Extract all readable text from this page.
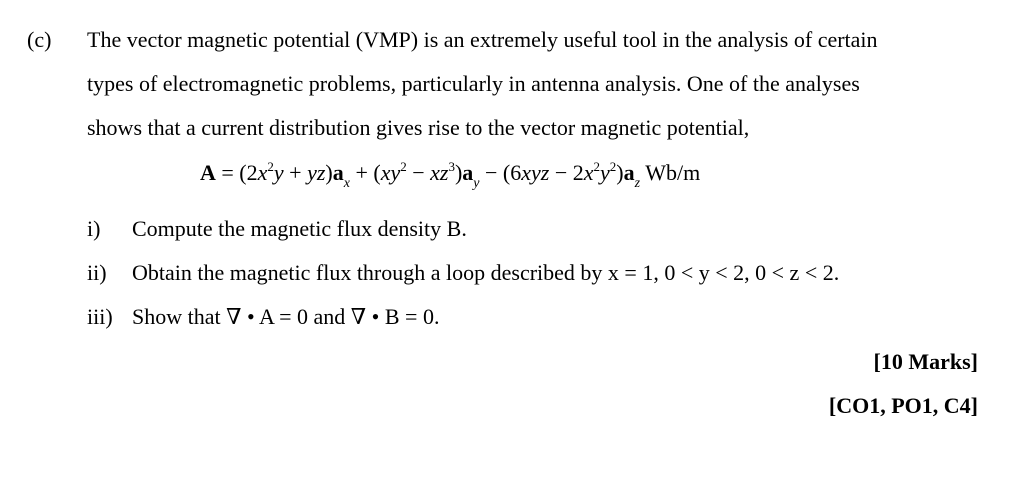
(c) The vector magnetic potential (VMP) is an extremely useful tool in the analysis of certain
types of electromagnetic problems, particularly in antenna analysis. One of the analyses
shows that a current distribution gives rise to the vector magnetic potential,
$A = (2x^2y + yz)a_x + (xy^2 - xz^3)a_y - (6xyz - 2x^2y^2)a_z$ Wb/m
i) Compute the magnetic flux density B.
ii) Obtain the magnetic flux through a loop described by x = 1, 0 < y < 2, 0 < z < 2.
iii) Show that ∇ • A = 0 and ∇ • B = 0.
[10 Marks]
[CO1, PO1, C4]
